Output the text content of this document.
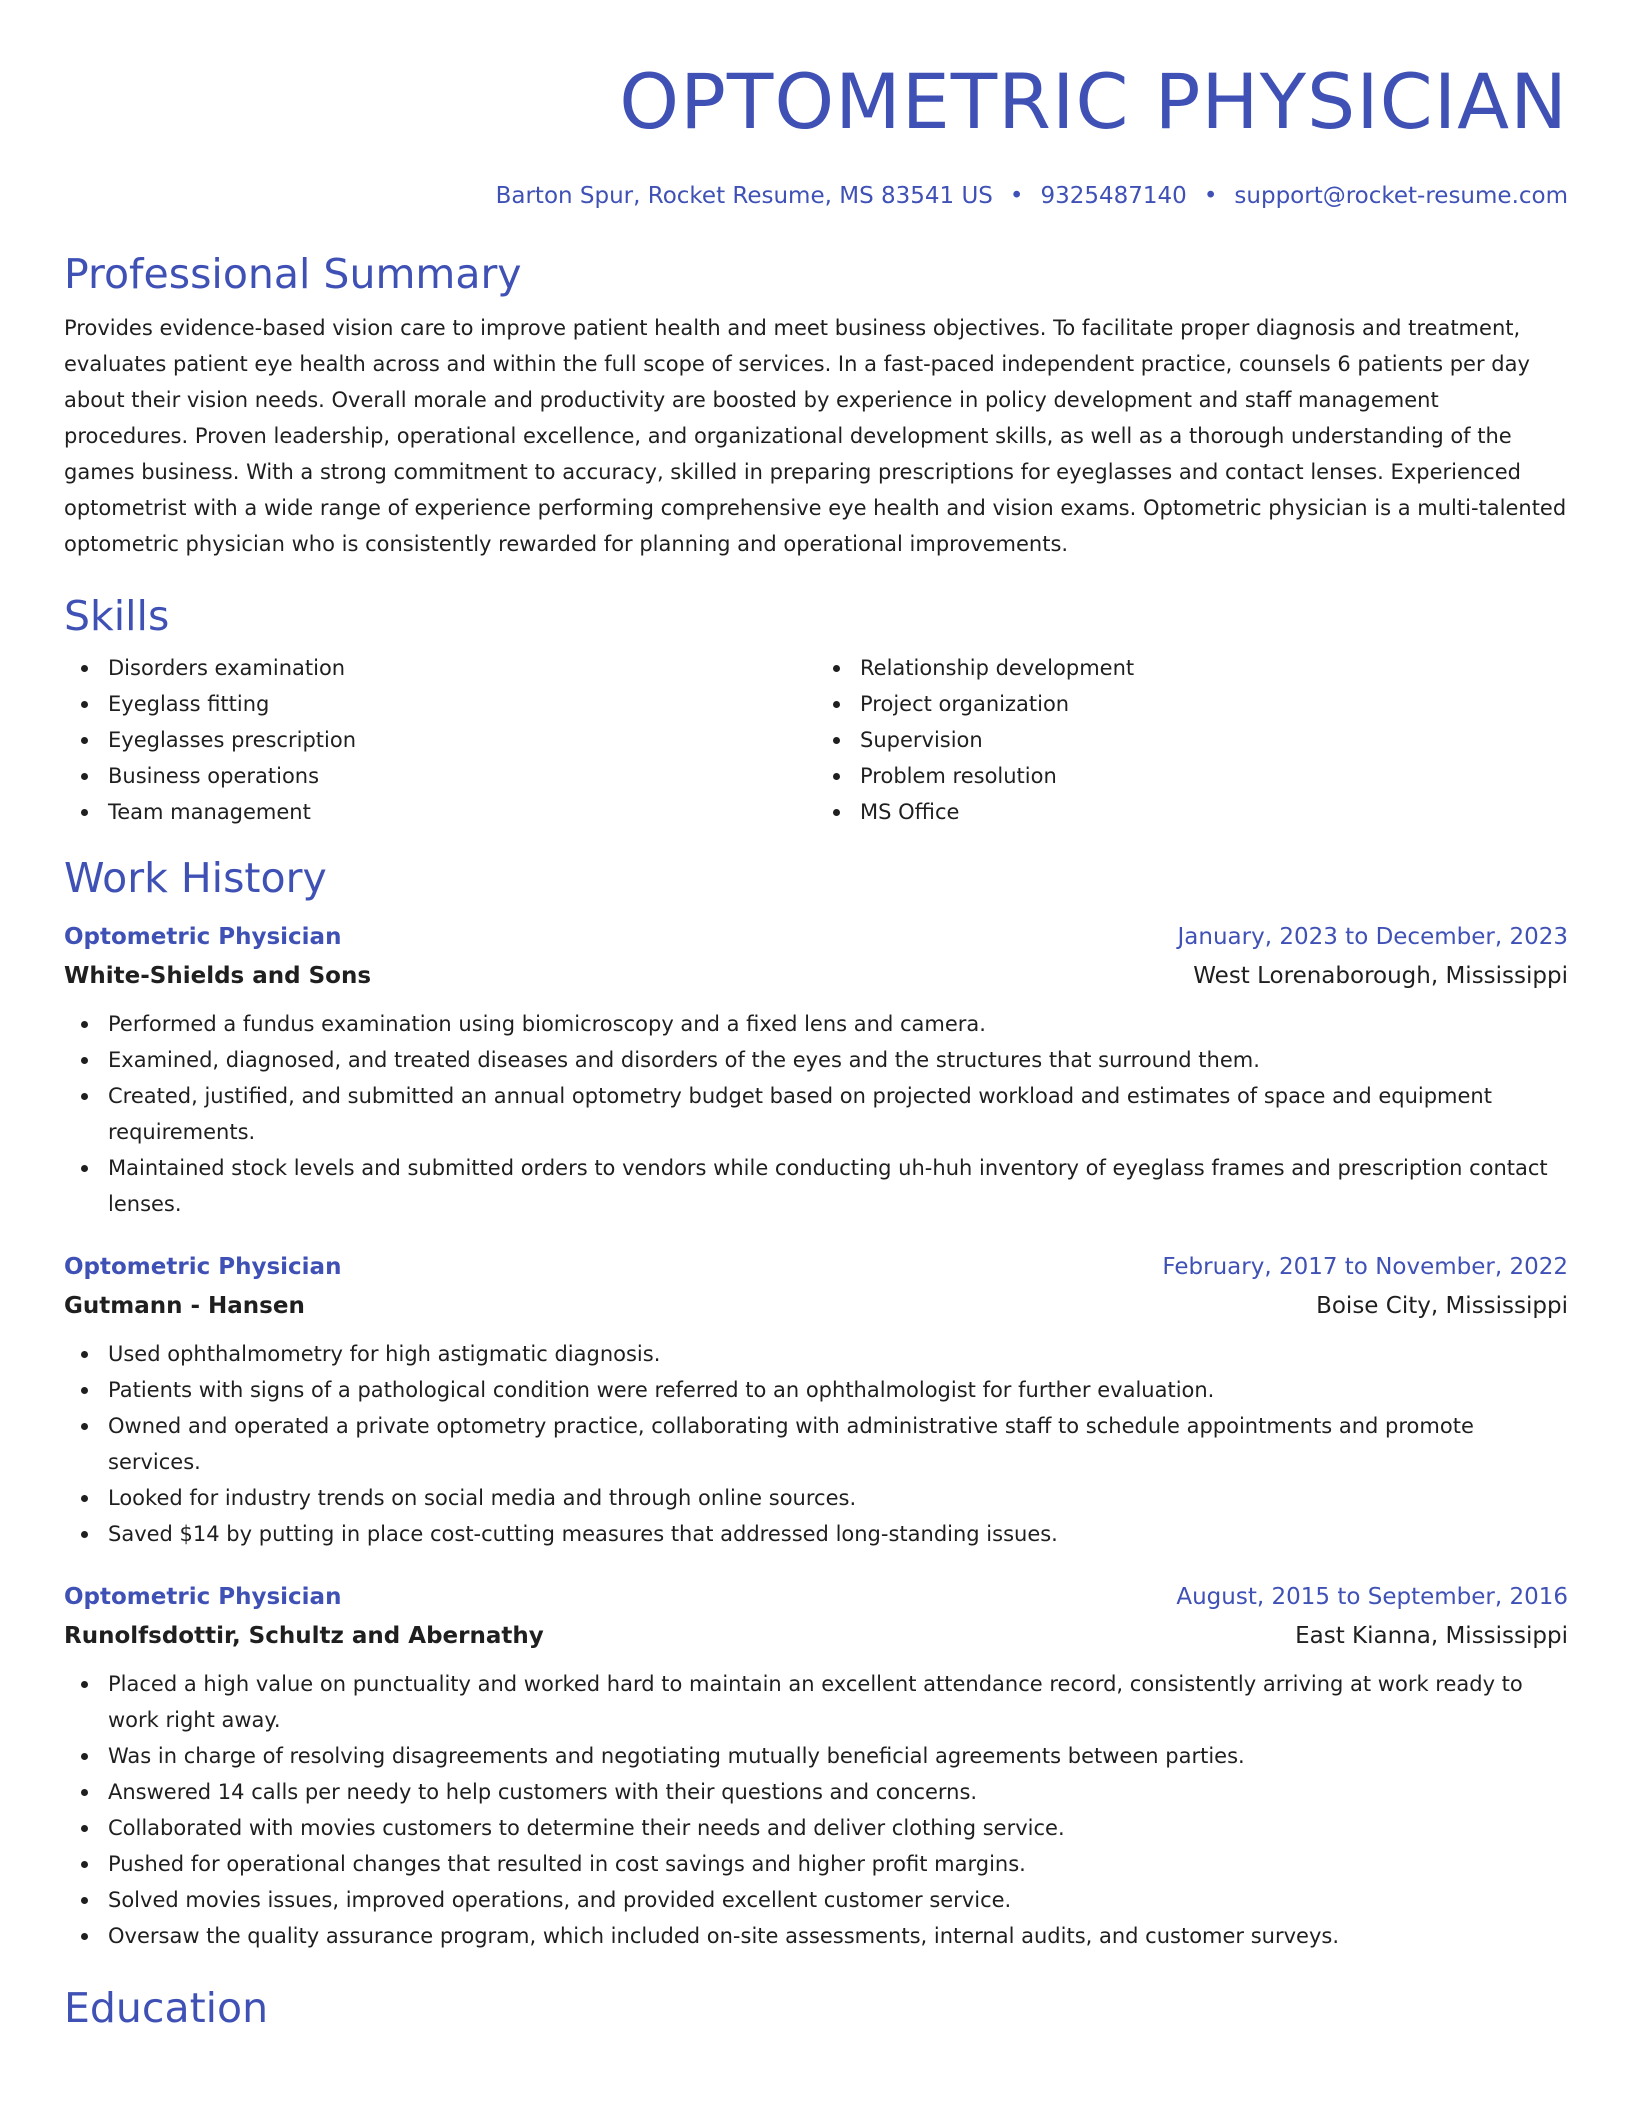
OPTOMETRIC PHYSICIAN
Barton Spur, Rocket Resume, MS 83541 US • 9325487140 • support@rocket-resume.com
Professional Summary

Provides evidence-based vision care to improve patient health and meet business objectives. To facilitate proper diagnosis and treatment, evaluates patient eye health across and within the full scope of services. In a fast-paced independent practice, counsels 6 patients per day about their vision needs. Overall morale and productivity are boosted by experience in policy development and staff management procedures. Proven leadership, operational excellence, and organizational development skills, as well as a thorough understanding of the games business. With a strong commitment to accuracy, skilled in preparing prescriptions for eyeglasses and contact lenses. Experienced optometrist with a wide range of experience performing comprehensive eye health and vision exams. Optometric physician is a multi-talented optometric physician who is consistently rewarded for planning and operational improvements.

Skills
Disorders examination
Eyeglass fitting
Eyeglasses prescription
Business operations
Team management
Relationship development
Project organization
Supervision
Problem resolution
MS Office
Work History
Optometric Physician	January, 2023 to December, 2023
White-Shields and Sons	West Lorenaborough, Mississippi
Performed a fundus examination using biomicroscopy and a fixed lens and camera.
Examined, diagnosed, and treated diseases and disorders of the eyes and the structures that surround them.
Created, justified, and submitted an annual optometry budget based on projected workload and estimates of space and equipment requirements.
Maintained stock levels and submitted orders to vendors while conducting uh-huh inventory of eyeglass frames and prescription contact lenses.
Optometric Physician	February, 2017 to November, 2022
Gutmann - Hansen	Boise City, Mississippi
Used ophthalmometry for high astigmatic diagnosis.
Patients with signs of a pathological condition were referred to an ophthalmologist for further evaluation.
Owned and operated a private optometry practice, collaborating with administrative staff to schedule appointments and promote services.
Looked for industry trends on social media and through online sources.
Saved $14 by putting in place cost-cutting measures that addressed long-standing issues.
Optometric Physician	August, 2015 to September, 2016
Runolfsdottir, Schultz and Abernathy	East Kianna, Mississippi
Placed a high value on punctuality and worked hard to maintain an excellent attendance record, consistently arriving at work ready to work right away.
Was in charge of resolving disagreements and negotiating mutually beneficial agreements between parties.
Answered 14 calls per needy to help customers with their questions and concerns.
Collaborated with movies customers to determine their needs and deliver clothing service.
Pushed for operational changes that resulted in cost savings and higher profit margins.
Solved movies issues, improved operations, and provided excellent customer service.
Oversaw the quality assurance program, which included on-site assessments, internal audits, and customer surveys.
Education
